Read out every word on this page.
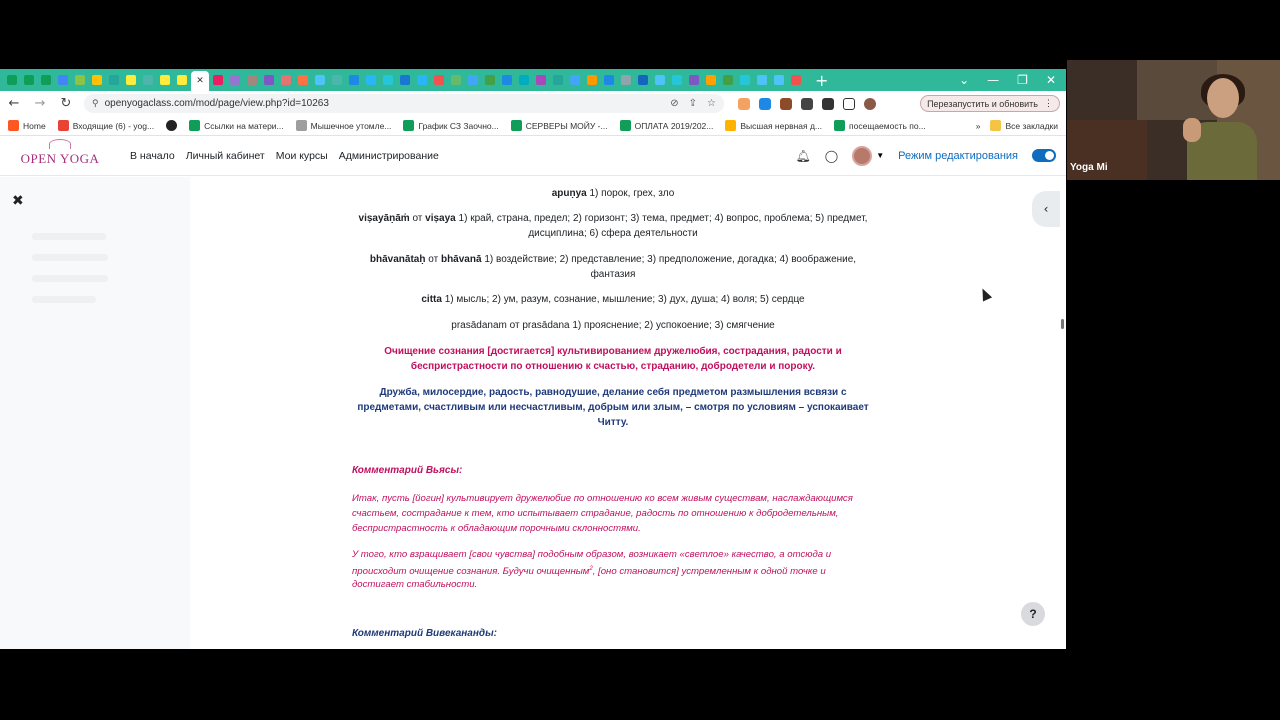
✕	+	⌄ — ❐ ✕
← → ↻ ⚲ openyogaclass.com/mod/page/view.php?id=10263	⊘ ⇪ ☆	Перезапустить и обновить ⋮
Home	Входящие (6) - yog...	Ссылки на матери...	Мышечное утомле...	График СЗ Заочно...	СЕРВЕРЫ МОЙУ -...	ОПЛАТА 2019/202...	Высшая нервная д...	посещаемость по...	»	Все закладки
OPEN YOGA	В начало Личный кабинет Мои курсы Администрирование	🔔︎ ◯	▼ Режим редактирования
✖	apuṇya 1) порок, грех, зло
viṣayāṇāṁ от viṣaya 1) край, страна, предел; 2) горизонт; 3) тема, предмет; 4) вопрос, проблема; 5) предмет,
дисциплина; 6) сфера деятельности
bhāvanātaḥ от bhāvanā 1) воздействие; 2) представление; 3) предположение, догадка; 4) воображение,
фантазия
citta 1) мысль; 2) ум, разум, сознание, мышление; 3) дух, душа; 4) воля; 5) сердце
prasādanam от prasādana 1) прояснение; 2) успокоение; 3) смягчение
Очищение сознания [достигается] культивированием дружелюбия, сострадания, радости и
беспристрастности по отношению к счастью, страданию, добродетели и пороку.
Дружба, милосердие, радость, равнодушие, делание себя предметом размышления всвязи с
предметами, счастливым или несчастливым, добрым или злым, – смотря по условиям – успокаивает
Читту.
Комментарий Вьясы:
Итак, пусть [йогин] культивирует дружелюбие по отношению ко всем живым существам, наслаждающимся
счастьем, сострадание к тем, кто испытывает страдание, радость по отношению к добродетельным,
беспристрастность к обладающим порочными склонностями.
У того, кто взращивает [свои чувства] подобным образом, возникает «светлое» качество, а отсюда и
происходит очищение сознания. Будучи очищенным$^2$, [оно становится] устремленным к одной точке и
достигает стабильности.
Комментарий Вивекананды:
‹
?
Yoga Mi
